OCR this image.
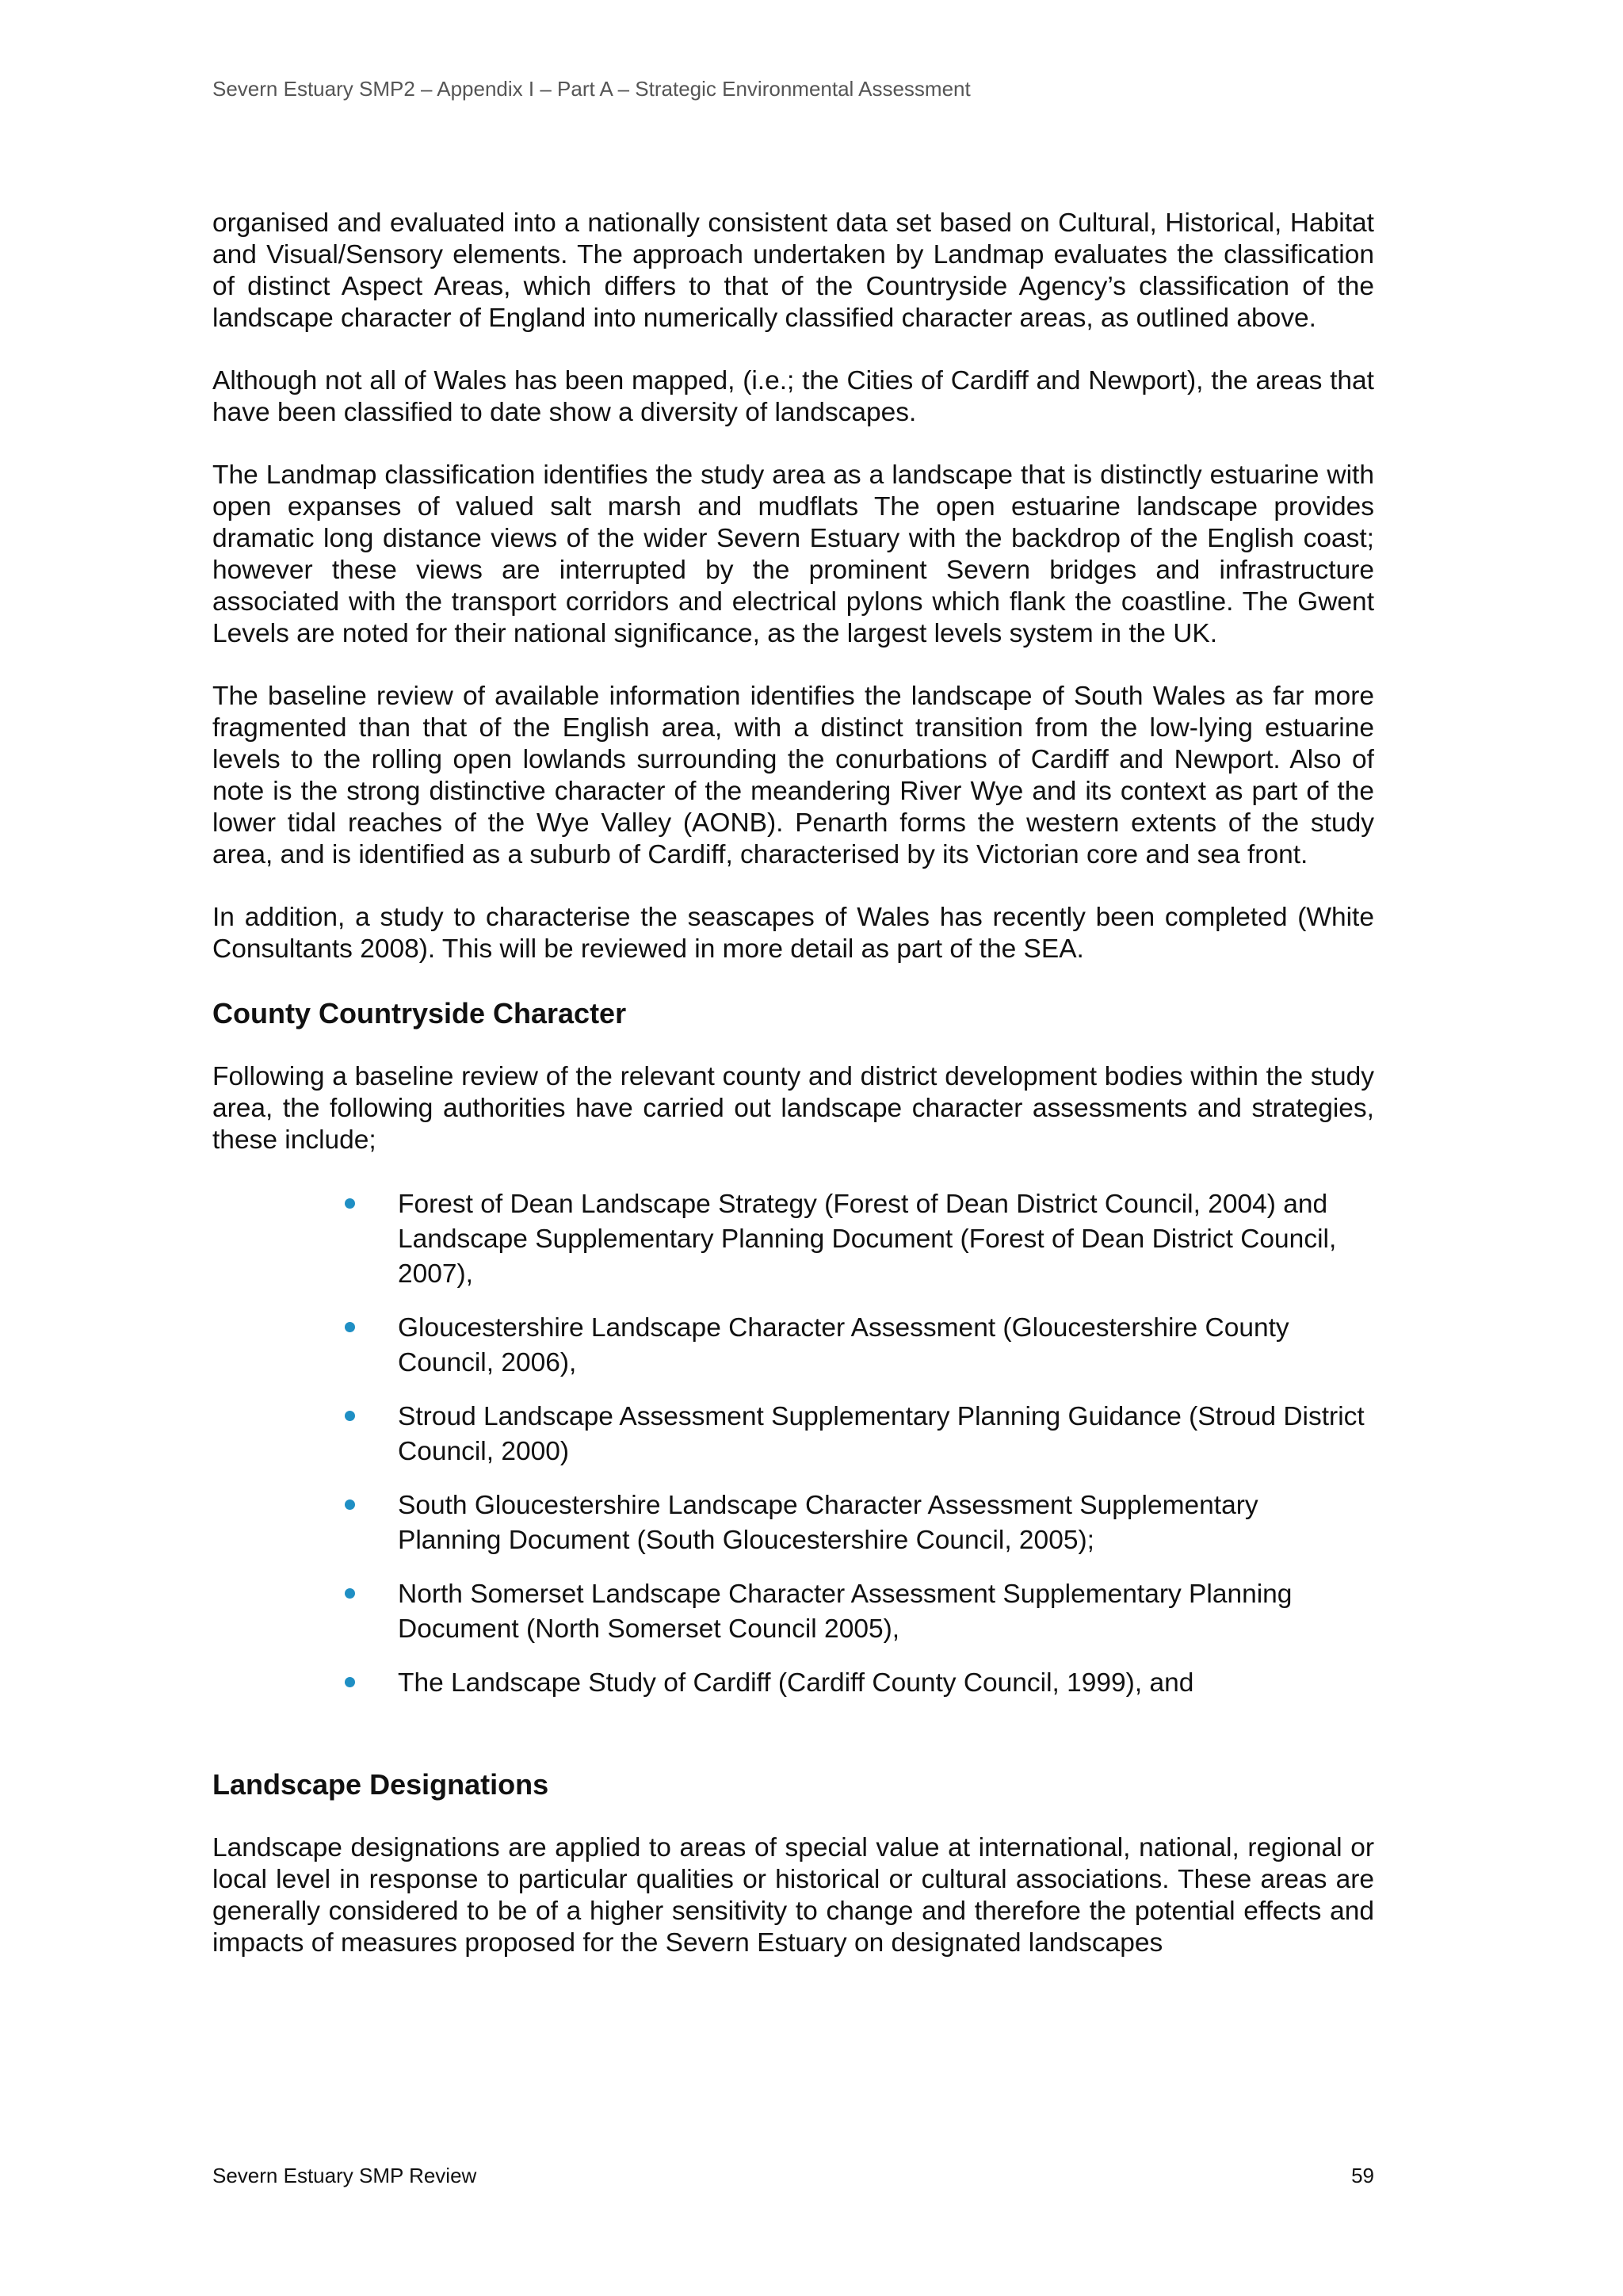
Severn Estuary SMP2 – Appendix I – Part A – Strategic Environmental Assessment

organised and evaluated into a nationally consistent data set based on Cultural, Historical, Habitat and Visual/Sensory elements. The approach undertaken by Landmap evaluates the classification of distinct Aspect Areas, which differs to that of the Countryside Agency’s classification of the landscape character of England into numerically classified character areas, as outlined above.

Although not all of Wales has been mapped, (i.e.; the Cities of Cardiff and Newport), the areas that have been classified to date show a diversity of landscapes.

The Landmap classification identifies the study area as a landscape that is distinctly estuarine with open expanses of valued salt marsh and mudflats The open estuarine landscape provides dramatic long distance views of the wider Severn Estuary with the backdrop of the English coast; however these views are interrupted by the prominent Severn bridges and infrastructure associated with the transport corridors and electrical pylons which flank the coastline. The Gwent Levels are noted for their national significance, as the largest levels system in the UK.

The baseline review of available information identifies the landscape of South Wales as far more fragmented than that of the English area, with a distinct transition from the low-lying estuarine levels to the rolling open lowlands surrounding the conurbations of Cardiff and Newport. Also of note is the strong distinctive character of the meandering River Wye and its context as part of the lower tidal reaches of the Wye Valley (AONB). Penarth forms the western extents of the study area, and is identified as a suburb of Cardiff, characterised by its Victorian core and sea front.

In addition, a study to characterise the seascapes of Wales has recently been completed (White Consultants 2008). This will be reviewed in more detail as part of the SEA.

County Countryside Character

Following a baseline review of the relevant county and district development bodies within the study area, the following authorities have carried out landscape character assessments and strategies, these include;

Forest of Dean Landscape Strategy (Forest of Dean District Council, 2004) and Landscape Supplementary Planning Document (Forest of Dean District Council, 2007),
Gloucestershire Landscape Character Assessment (Gloucestershire County Council, 2006),
Stroud Landscape Assessment Supplementary Planning Guidance (Stroud District Council, 2000)
South Gloucestershire Landscape Character Assessment Supplementary Planning Document (South Gloucestershire Council, 2005);
North Somerset Landscape Character Assessment Supplementary Planning Document (North Somerset Council 2005),
The Landscape Study of Cardiff (Cardiff County Council, 1999), and
Landscape Designations

Landscape designations are applied to areas of special value at international, national, regional or local level in response to particular qualities or historical or cultural associations. These areas are generally considered to be of a higher sensitivity to change and therefore the potential effects and impacts of measures proposed for the Severn Estuary on designated landscapes

Severn Estuary SMP Review	59
